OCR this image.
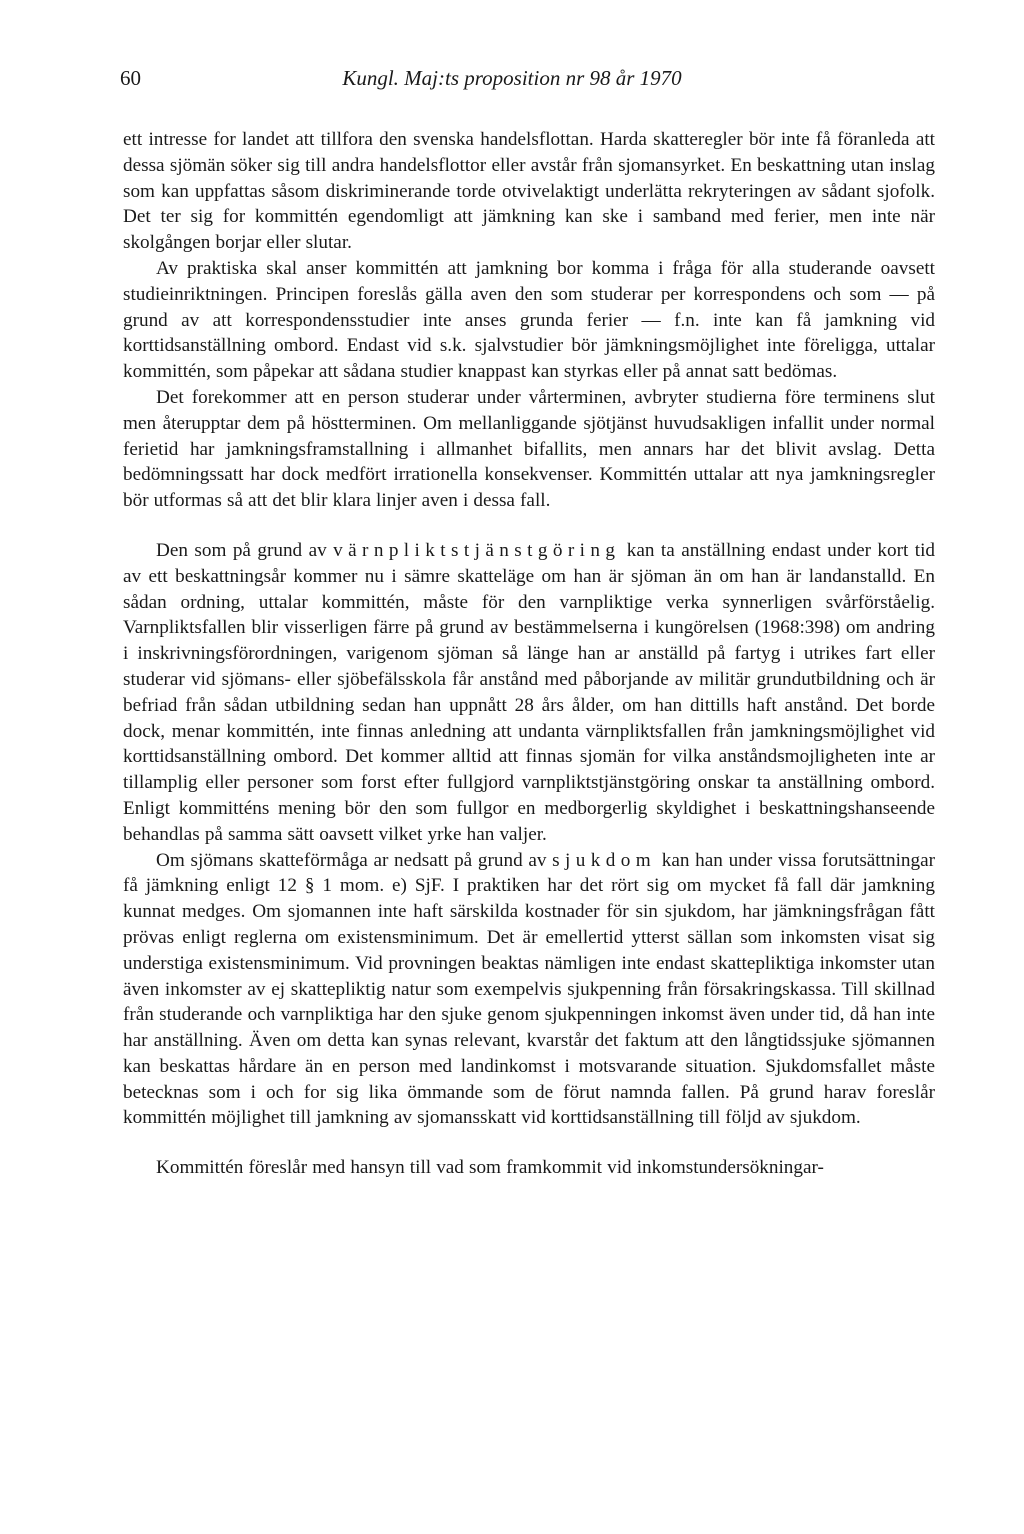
60	Kungl. Maj:ts proposition nr 98 år 1970

ett intresse for landet att tillfora den svenska handelsflottan. Harda skatteregler bör inte få föranleda att dessa sjömän söker sig till andra handelsflottor eller avstår från sjomansyrket. En beskattning utan inslag som kan uppfattas såsom diskriminerande torde otvivelaktigt underlätta rekryteringen av sådant sjofolk. Det ter sig for kommittén egendomligt att jämkning kan ske i samband med ferier, men inte när skolgången borjar eller slutar.

Av praktiska skal anser kommittén att jamkning bor komma i fråga för alla studerande oavsett studieinriktningen. Principen foreslås gälla aven den som studerar per korrespondens och som — på grund av att korrespondensstudier inte anses grunda ferier — f.n. inte kan få jamkning vid korttidsanställning ombord. Endast vid s.k. sjalvstudier bör jämkningsmöjlighet inte föreligga, uttalar kommittén, som påpekar att sådana studier knappast kan styrkas eller på annat satt bedömas.

Det forekommer att en person studerar under vårterminen, avbryter studierna före terminens slut men återupptar dem på höstterminen. Om mellanliggande sjötjänst huvudsakligen infallit under normal ferietid har jamkningsframstallning i allmanhet bifallits, men annars har det blivit avslag. Detta bedömningssatt har dock medfört irrationella konsekvenser. Kommittén uttalar att nya jamkningsregler bör utformas så att det blir klara linjer aven i dessa fall.

Den som på grund av värnpliktstjänstgöring kan ta anställning endast under kort tid av ett beskattningsår kommer nu i sämre skatteläge om han är sjöman än om han är landanstalld. En sådan ordning, uttalar kommittén, måste för den varnpliktige verka synnerligen svårförståelig. Varnpliktsfallen blir visserligen färre på grund av bestämmelserna i kungörelsen (1968:398) om andring i inskrivningsförordningen, varigenom sjöman så länge han ar anställd på fartyg i utrikes fart eller studerar vid sjömans- eller sjöbefälsskola får anstånd med påborjande av militär grundutbildning och är befriad från sådan utbildning sedan han uppnått 28 års ålder, om han dittills haft anstånd. Det borde dock, menar kommittén, inte finnas anledning att undanta värnpliktsfallen från jamkningsmöjlighet vid korttidsanställning ombord. Det kommer alltid att finnas sjomän for vilka anståndsmojligheten inte ar tillamplig eller personer som forst efter fullgjord varnpliktstjänstgöring onskar ta anställning ombord. Enligt kommitténs mening bör den som fullgor en medborgerlig skyldighet i beskattningshanseende behandlas på samma sätt oavsett vilket yrke han valjer.

Om sjömans skatteförmåga ar nedsatt på grund av sjukdom kan han under vissa forutsättningar få jämkning enligt 12 § 1 mom. e) SjF. I praktiken har det rört sig om mycket få fall där jamkning kunnat medges. Om sjomannen inte haft särskilda kostnader för sin sjukdom, har jämkningsfrågan fått prövas enligt reglerna om existensminimum. Det är emellertid ytterst sällan som inkomsten visat sig understiga existensminimum. Vid provningen beaktas nämligen inte endast skattepliktiga inkomster utan även inkomster av ej skattepliktig natur som exempelvis sjukpenning från försakringskassa. Till skillnad från studerande och varnpliktiga har den sjuke genom sjukpenningen inkomst även under tid, då han inte har anställning. Även om detta kan synas relevant, kvarstår det faktum att den långtidssjuke sjömannen kan beskattas hårdare än en person med landinkomst i motsvarande situation. Sjukdomsfallet måste betecknas som i och for sig lika ömmande som de förut namnda fallen. På grund harav foreslår kommittén möjlighet till jamkning av sjomansskatt vid korttidsanställning till följd av sjukdom.

Kommittén föreslår med hansyn till vad som framkommit vid inkomstundersökningar-
